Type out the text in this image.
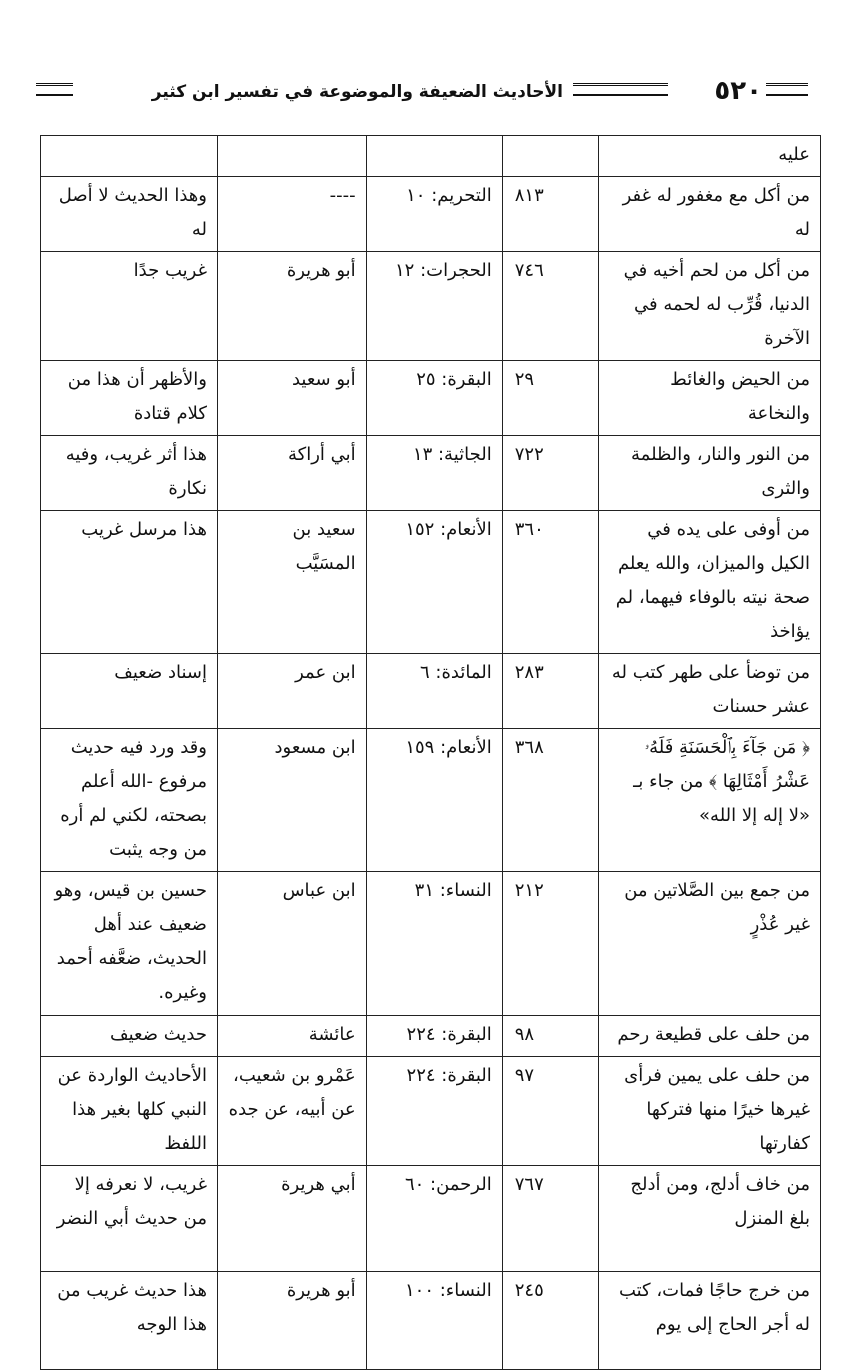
٥٢٠
الأحاديث الضعيفة والموضوعة في تفسير ابن كثير
عليه	

من أكل مع مغفور له غفر له	٨١٣	التحريم: ١٠	----	وهذا الحديث لا أصل له
من أكل من لحم أخيه في الدنيا، قُرِّب له لحمه في الآخرة	٧٤٦	الحجرات: ١٢	أبو هريرة	غريب جدًا
من الحيض والغائط والنخاعة	٢٩	البقرة: ٢٥	أبو سعيد	والأظهر أن هذا من كلام قتادة
من النور والنار، والظلمة والثرى	٧٢٢	الجاثية: ١٣	أبي أراكة	هذا أثر غريب، وفيه نكارة
من أوفى على يده في الكيل والميزان، والله يعلم صحة نيته بالوفاء فيهما، لم يؤاخذ	٣٦٠	الأنعام: ١٥٢	سعيد بن المسَيَّب	هذا مرسل غريب
من توضأ على طهر كتب له عشر حسنات	٢٨٣	المائدة: ٦	ابن عمر	إسناد ضعيف
﴿ مَن جَآءَ بِٱلْحَسَنَةِ فَلَهُۥ عَشْرُ أَمْثَالِهَا ﴾ من جاء بـ «لا إله إلا الله»	٣٦٨	الأنعام: ١٥٩	ابن مسعود	وقد ورد فيه حديث مرفوع -الله أعلم بصحته، لكني لم أره من وجه يثبت
من جمع بين الصَّلاتين من غير عُذْرٍ	٢١٢	النساء: ٣١	ابن عباس	حسين بن قيس، وهو ضعيف عند أهل الحديث، ضعَّفه أحمد وغيره.
من حلف على قطيعة رحم	٩٨	البقرة: ٢٢٤	عائشة	حديث ضعيف
من حلف على يمين فرأى غيرها خيرًا منها فتركها كفارتها	٩٧	البقرة: ٢٢٤	عَمْرو بن شعيب، عن أبيه، عن جده	الأحاديث الواردة عن النبي كلها بغير هذا اللفظ
من خاف أدلج، ومن أدلج بلغ المنزل	٧٦٧	الرحمن: ٦٠	أبي هريرة	غريب، لا نعرفه إلا من حديث أبي النضر
من خرج حاجًا فمات، كتب له أجر الحاج إلى يوم	٢٤٥	النساء: ١٠٠	أبو هريرة	هذا حديث غريب من هذا الوجه
